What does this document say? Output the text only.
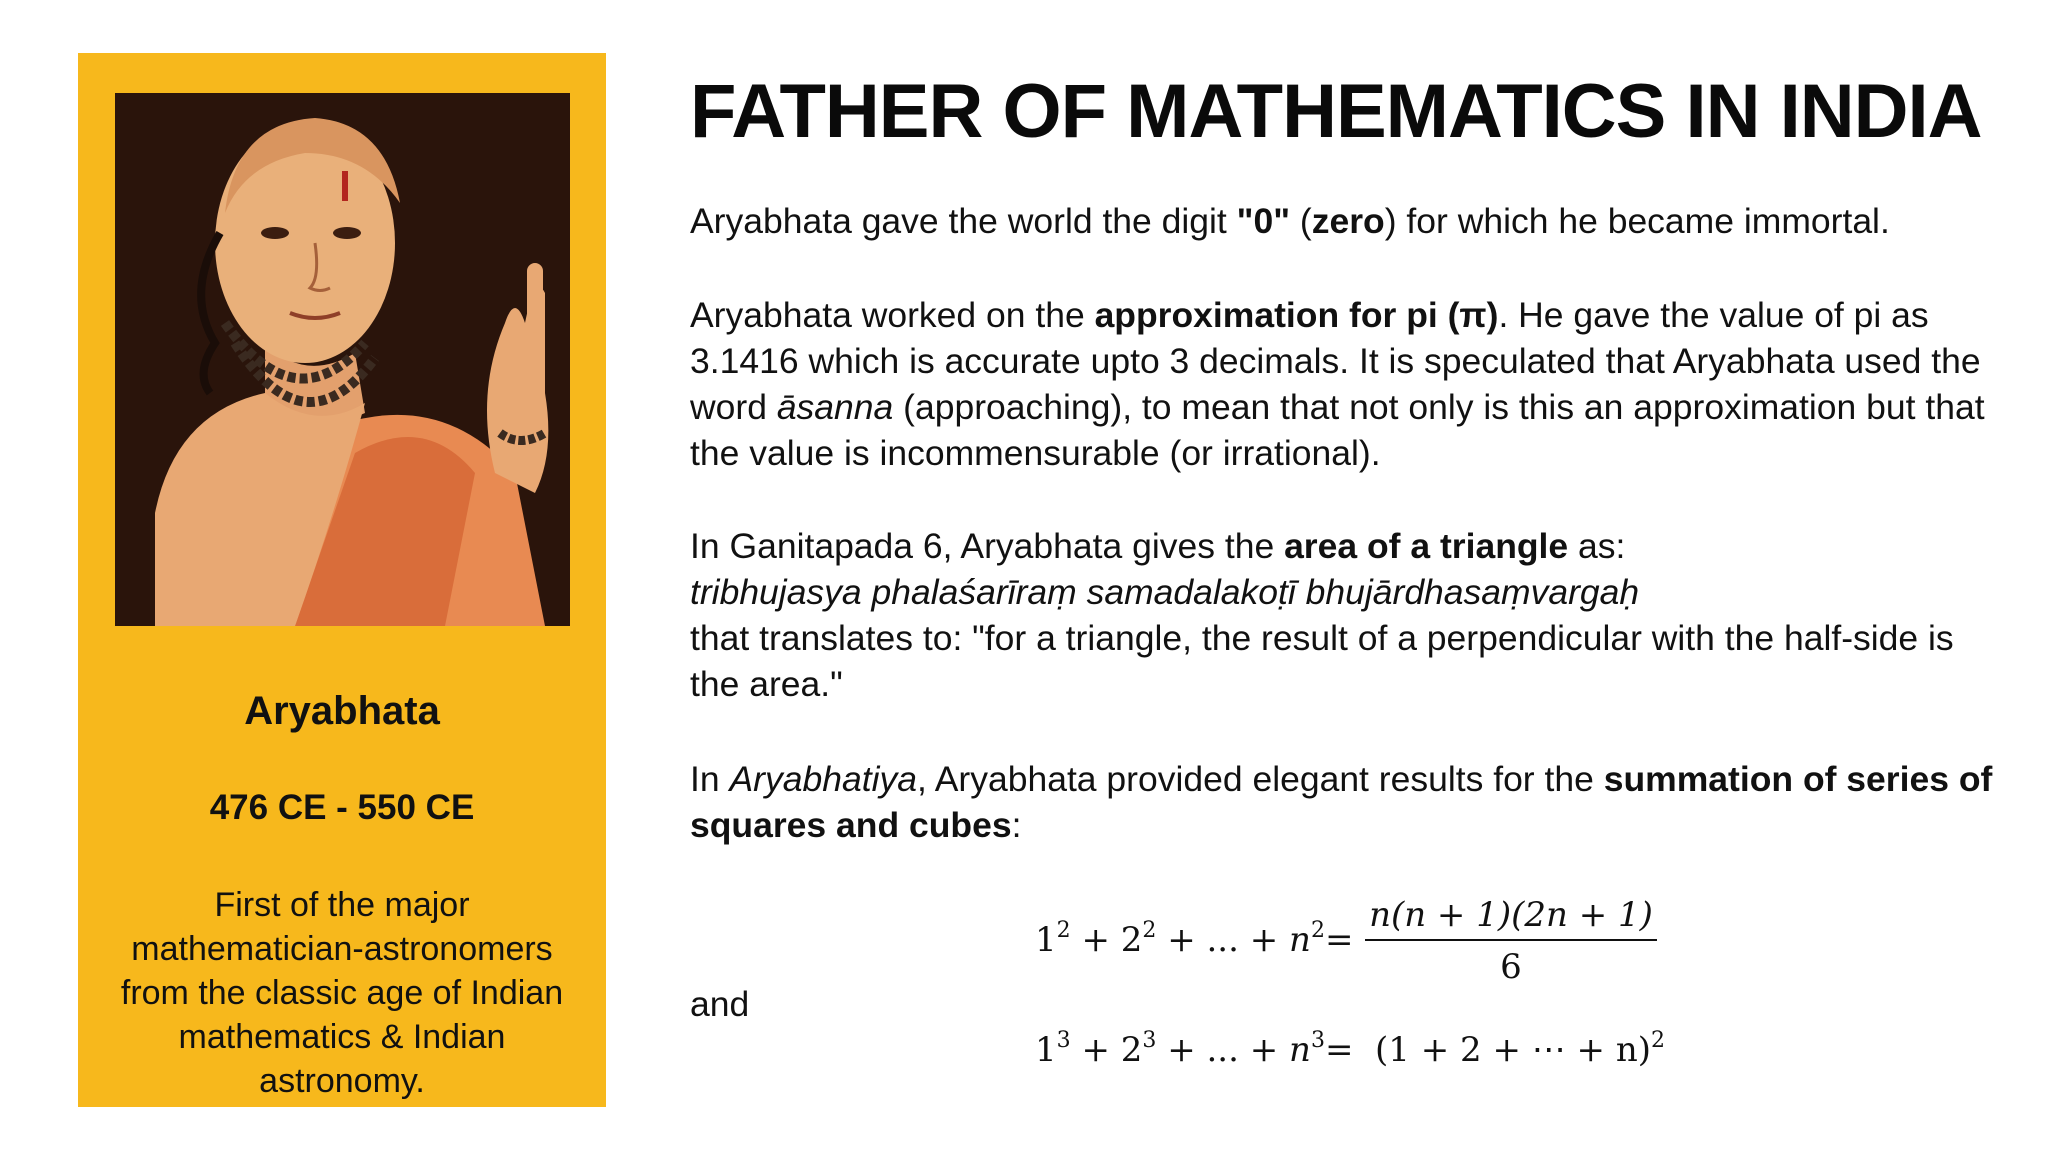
Aryabhata
476 CE - 550 CE
First of the major mathematician-astronomers from the classic age of Indian mathematics & Indian astronomy.
FATHER OF MATHEMATICS IN INDIA
Aryabhata gave the world the digit "0" (zero) for which he became immortal.
Aryabhata worked on the approximation for pi (π). He gave the value of pi as 3.1416 which is accurate upto 3 decimals. It is speculated that Aryabhata used the word āsanna (approaching), to mean that not only is this an approximation but that the value is incommensurable (or irrational).
In Ganitapada 6, Aryabhata gives the area of a triangle as:
tribhujasya phalaśarīraṃ samadalakoṭī bhujārdhasaṃvargaḥ
that translates to: "for a triangle, the result of a perpendicular with the half-side is the area."
In Aryabhatiya, Aryabhata provided elegant results for the summation of series of squares and cubes:
and
$1^2 + 2^2$ + ... + $n^2=$
n(n + 1)(2n + 1)
6
$1^3 + 2^3$ + ... + $n^3= (1 + 2$ + ⋯ + n)$^2$
